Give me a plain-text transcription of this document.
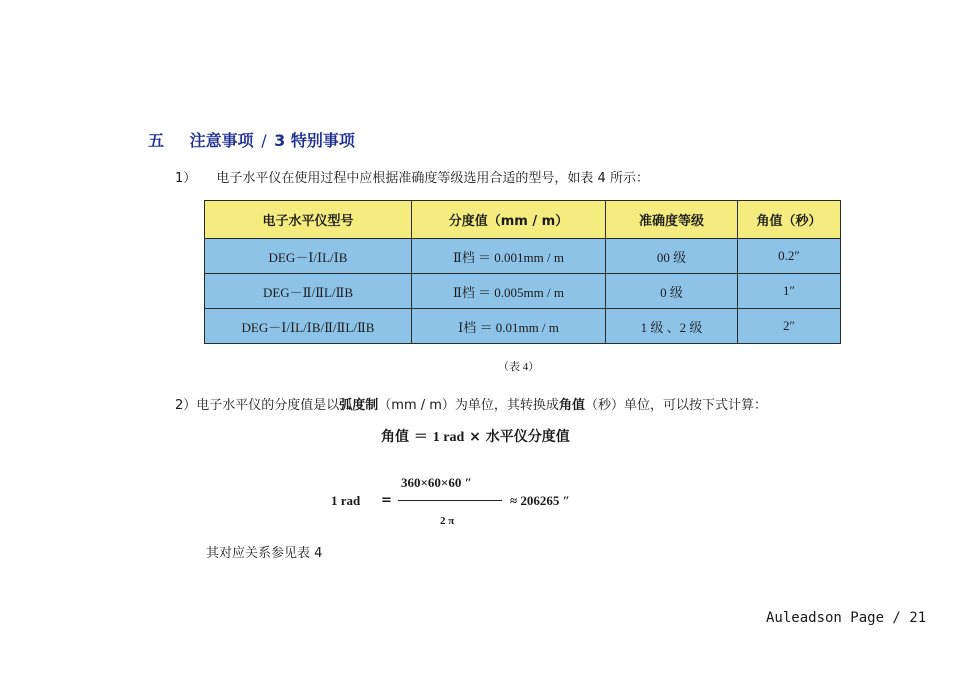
五 注意事项 / 3 特别事项
1） 电子水平仪在使用过程中应根据准确度等级选用合适的型号，如表 4 所示：
电子水平仪型号	分度值（mm / m）	准确度等级	角值（秒）
DEG－Ⅰ/ⅠL/ⅠB	Ⅱ档 ＝ 0.001mm / m	00 级	0.2″
DEG－Ⅱ/ⅡL/ⅡB	Ⅱ档 ＝ 0.005mm / m	0 级	1″
DEG－Ⅰ/ⅠL/ⅠB/Ⅱ/ⅡL/ⅡB	Ⅰ档 ＝ 0.01mm / m	1 级 、2 级	2″
（表 4）
2）电子水平仪的分度值是以弧度制（mm / m）为单位，其转换成角值（秒）单位，可以按下式计算：
角值 ＝ 1 rad × 水平仪分度值
1 rad =
360×60×60 ″
2 π
≈ 206265 ″
其对应关系参见表 4
Auleadson Page / 21
